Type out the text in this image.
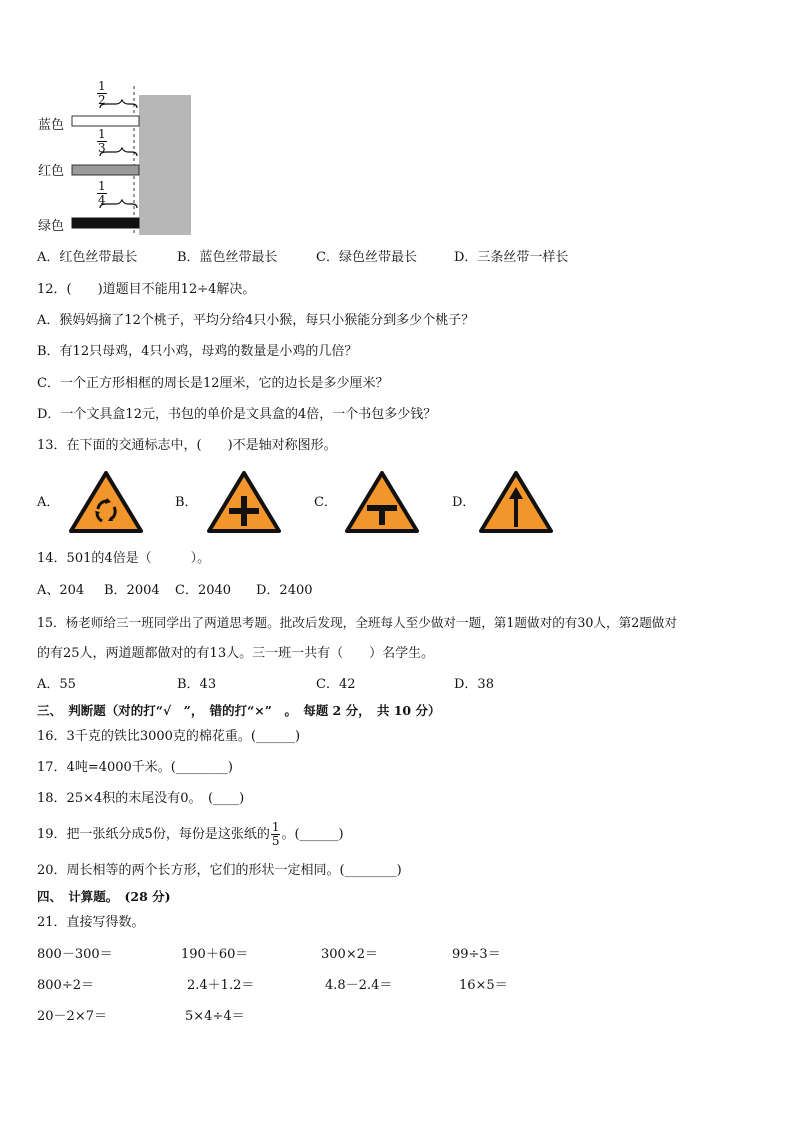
$\frac{1}{2}$
蓝色
$\frac{1}{3}$
红色
$\frac{1}{4}$
绿色
A．红色丝带最长	B．蓝色丝带最长	C．绿色丝带最长	D．三条丝带一样长
12．(　　)道题目不能用12÷4解决。
A．猴妈妈摘了12个桃子，平均分给4只小猴，每只小猴能分到多少个桃子？
B．有12只母鸡，4只小鸡，母鸡的数量是小鸡的几倍？
C．一个正方形相框的周长是12厘米，它的边长是多少厘米？
D．一个文具盒12元，书包的单价是文具盒的4倍，一个书包多少钱？
13．在下面的交通标志中，(　　)不是轴对称图形。
A．	B．	C．	D．
14．501的4倍是（　　　）。
A、204 B．2004 C．2040 D．2400
15．杨老师给三一班同学出了两道思考题。批改后发现，全班每人至少做对一题，第1题做对的有30人，第2题做对
的有25人，两道题都做对的有13人。三一班一共有（　　）名学生。
A．55	B．43	C．42	D．38
三、　判断题（对的打“√　”，　错的打“×”　。　每题 2 分，　共 10 分）
16．3千克的铁比3000克的棉花重。(______)
17．4吨=4000千米。(________)
18．25×4积的末尾没有0。　(____)
19．把一张纸分成5份，每份是这张纸的 $\frac{1}{5}$ 。(______)
20．周长相等的两个长方形，它们的形状一定相同。(________)
四、　计算题。　(28 分)
21．直接写得数。
800－300＝	190＋60＝	300×2＝	99÷3＝
800÷2＝	2.4＋1.2＝	4.8－2.4＝	16×5＝
20－2×7＝	5×4÷4＝
